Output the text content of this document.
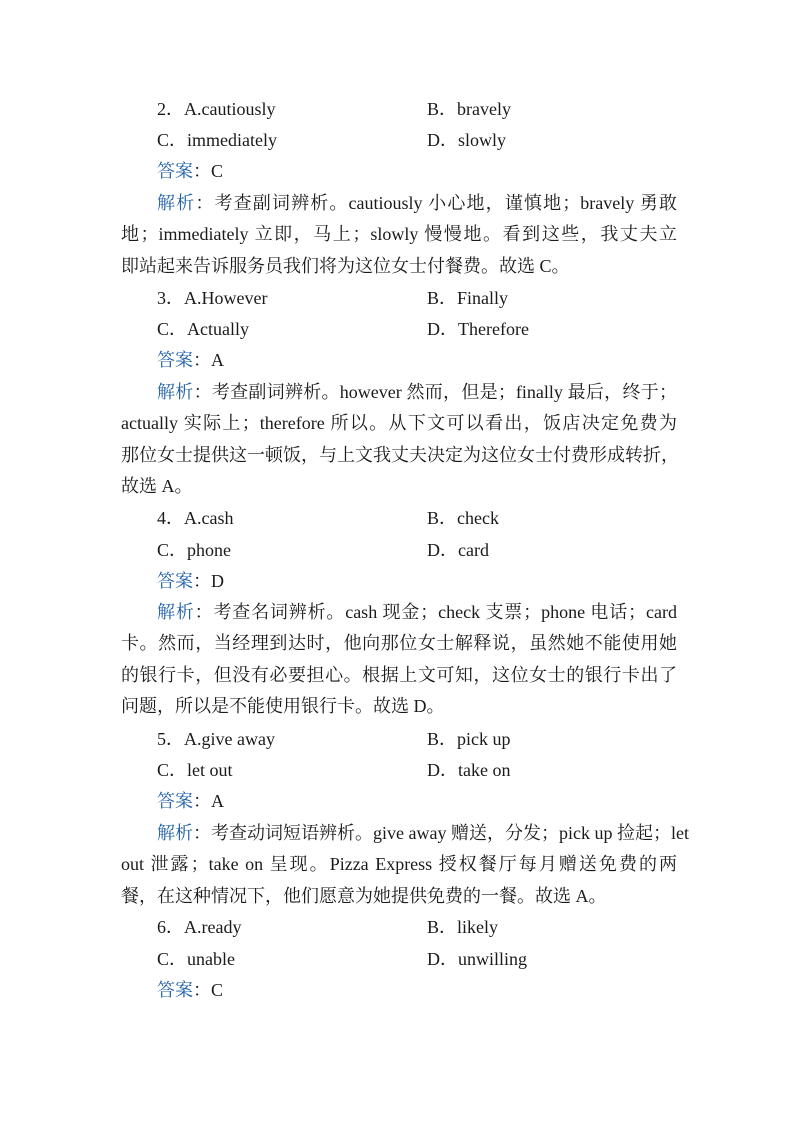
2．A.cautiously	B．bravely
C．immediately	D．slowly
答案：C
解析：考查副词辨析。cautiously 小心地，谨慎地；bravely 勇敢
地；immediately 立即，马上；slowly 慢慢地。看到这些，我丈夫立
即站起来告诉服务员我们将为这位女士付餐费。故选 C。
3．A.However	B．Finally
C．Actually	D．Therefore
答案：A
解析：考查副词辨析。however 然而，但是；finally 最后，终于；
actually 实际上；therefore 所以。从下文可以看出，饭店决定免费为
那位女士提供这一顿饭，与上文我丈夫决定为这位女士付费形成转折，
故选 A。
4．A.cash	B．check
C．phone	D．card
答案：D
解析：考查名词辨析。cash 现金；check 支票；phone 电话；card
卡。然而，当经理到达时，他向那位女士解释说，虽然她不能使用她
的银行卡，但没有必要担心。根据上文可知，这位女士的银行卡出了
问题，所以是不能使用银行卡。故选 D。
5．A.give away	B．pick up
C．let out	D．take on
答案：A
解析：考查动词短语辨析。give away 赠送，分发；pick up 捡起；let
out 泄露；take on 呈现。Pizza Express 授权餐厅每月赠送免费的两
餐，在这种情况下，他们愿意为她提供免费的一餐。故选 A。
6．A.ready	B．likely
C．unable	D．unwilling
答案：C
